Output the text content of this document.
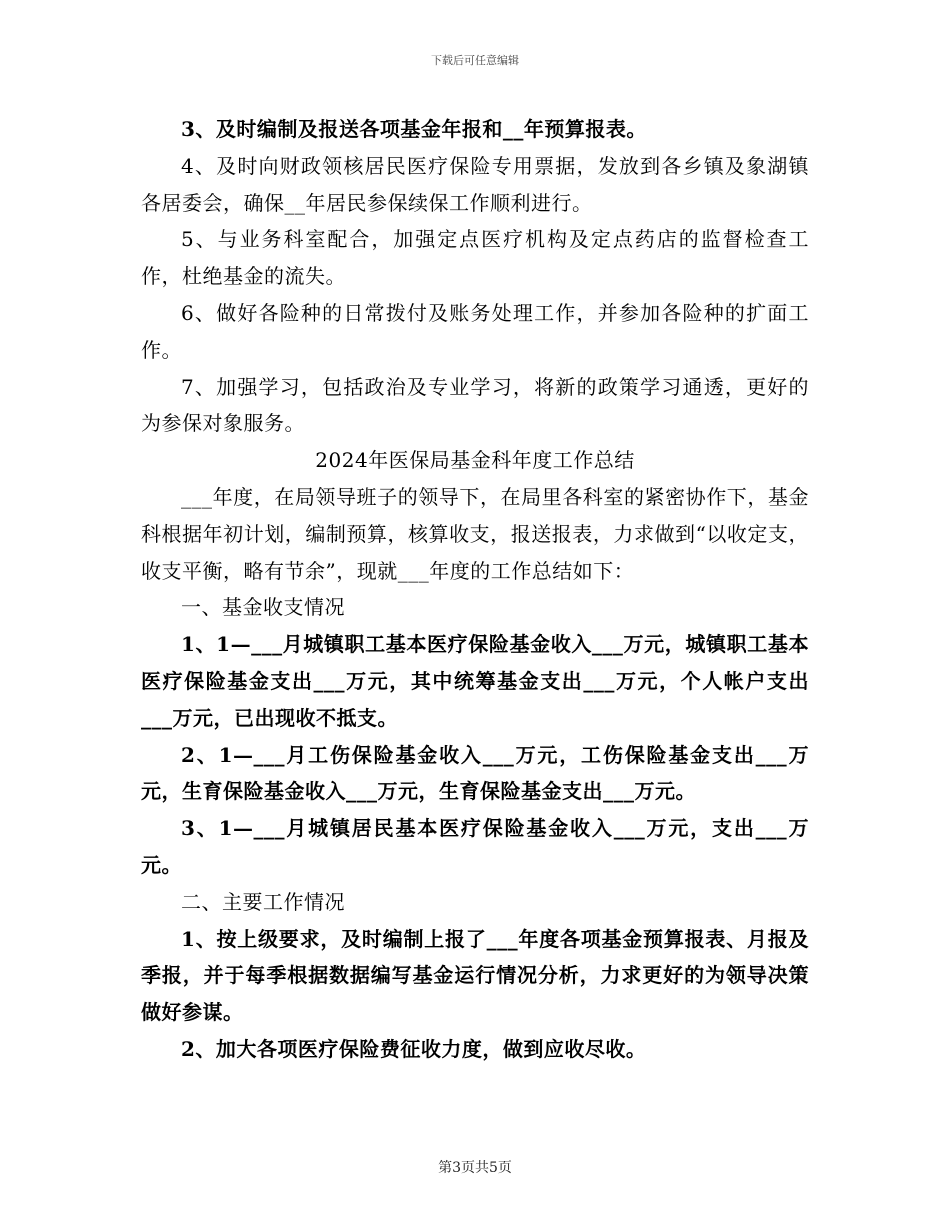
下载后可任意编辑

3、及时编制及报送各项基金年报和__年预算报表。

4、及时向财政领核居民医疗保险专用票据，发放到各乡镇及象湖镇各居委会，确保__年居民参保续保工作顺利进行。

5、与业务科室配合，加强定点医疗机构及定点药店的监督检查工作，杜绝基金的流失。

6、做好各险种的日常拨付及账务处理工作，并参加各险种的扩面工作。

7、加强学习，包括政治及专业学习，将新的政策学习通透，更好的为参保对象服务。

2024年医保局基金科年度工作总结

___年度，在局领导班子的领导下，在局里各科室的紧密协作下，基金科根据年初计划，编制预算，核算收支，报送报表，力求做到“以收定支，收支平衡，略有节余”，现就___年度的工作总结如下：

一、基金收支情况

1、1—___月城镇职工基本医疗保险基金收入___万元，城镇职工基本医疗保险基金支出___万元，其中统筹基金支出___万元，个人帐户支出___万元，已出现收不抵支。

2、1—___月工伤保险基金收入___万元，工伤保险基金支出___万元，生育保险基金收入___万元，生育保险基金支出___万元。

3、1—___月城镇居民基本医疗保险基金收入___万元，支出___万元。

二、主要工作情况

1、按上级要求，及时编制上报了___年度各项基金预算报表、月报及季报，并于每季根据数据编写基金运行情况分析，力求更好的为领导决策做好参谋。

2、加大各项医疗保险费征收力度，做到应收尽收。

第3页共5页
